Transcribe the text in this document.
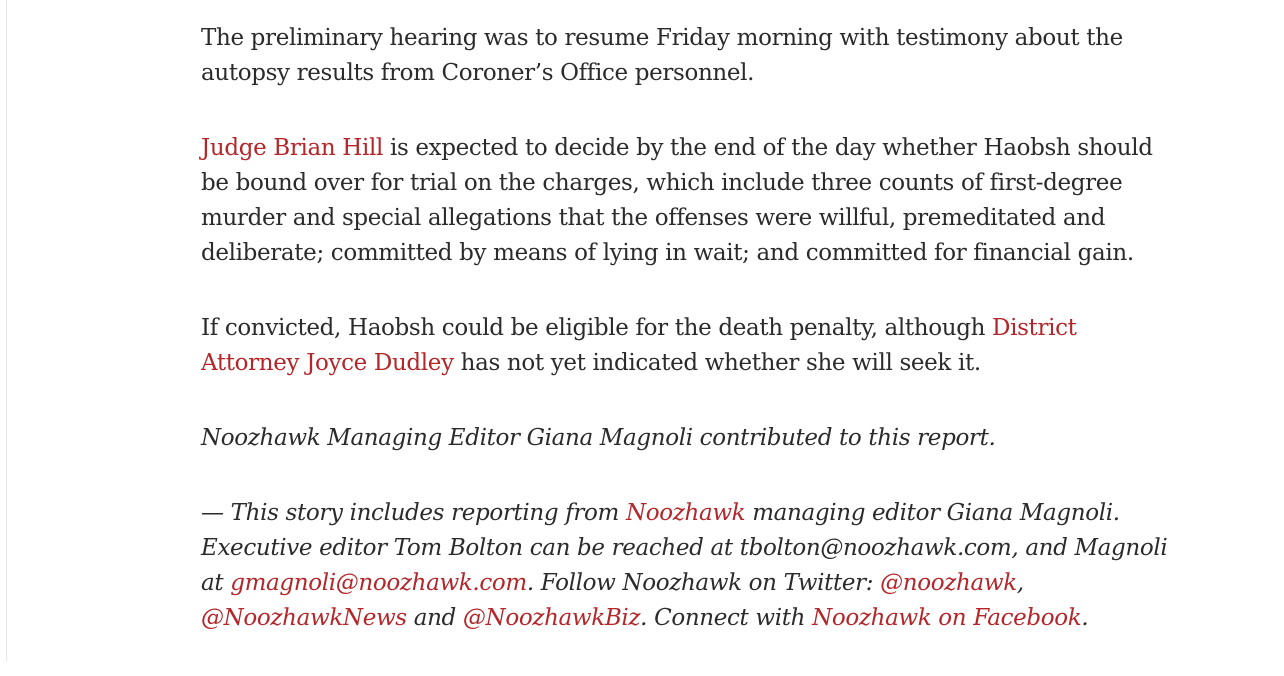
The preliminary hearing was to resume Friday morning with testimony about the autopsy results from Coroner’s Office personnel.

Judge Brian Hill is expected to decide by the end of the day whether Haobsh should be bound over for trial on the charges, which include three counts of first-degree murder and special allegations that the offenses were willful, premeditated and deliberate; committed by means of lying in wait; and committed for financial gain.

If convicted, Haobsh could be eligible for the death penalty, although District Attorney Joyce Dudley has not yet indicated whether she will seek it.

Noozhawk Managing Editor Giana Magnoli contributed to this report.

— This story includes reporting from Noozhawk managing editor Giana Magnoli. Executive editor Tom Bolton can be reached at tbolton@noozhawk.com, and Magnoli at gmagnoli@noozhawk.com. Follow Noozhawk on Twitter: @noozhawk, @NoozhawkNews and @NoozhawkBiz. Connect with Noozhawk on Facebook.
